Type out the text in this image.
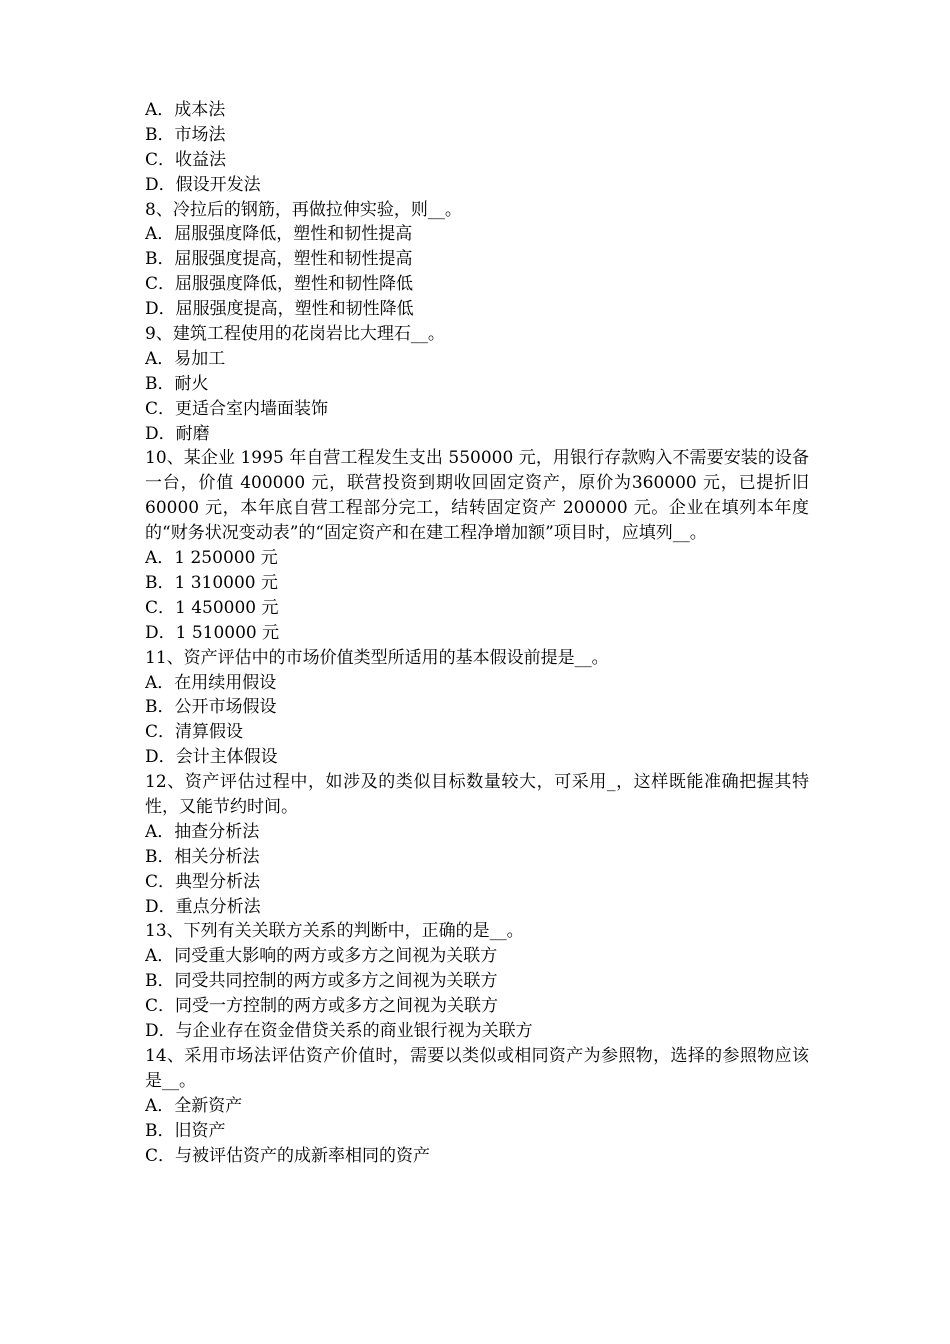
A．成本法
B．市场法
C．收益法
D．假设开发法
8、冷拉后的钢筋，再做拉伸实验，则__。
A．屈服强度降低，塑性和韧性提高
B．屈服强度提高，塑性和韧性提高
C．屈服强度降低，塑性和韧性降低
D．屈服强度提高，塑性和韧性降低
9、建筑工程使用的花岗岩比大理石__。
A．易加工
B．耐火
C．更适合室内墙面装饰
D．耐磨
10、某企业 1995 年自营工程发生支出 550000 元，用银行存款购入不需要安装的设备一台，价值 400000 元，联营投资到期收回固定资产，原价为360000 元，已提折旧 60000 元，本年底自营工程部分完工，结转固定资产 200000 元。企业在填列本年度的“财务状况变动表”的“固定资产和在建工程净增加额”项目时，应填列__。
A．1 250000 元
B．1 310000 元
C．1 450000 元
D．1 510000 元
11、资产评估中的市场价值类型所适用的基本假设前提是__。
A．在用续用假设
B．公开市场假设
C．清算假设
D．会计主体假设
12、资产评估过程中，如涉及的类似目标数量较大，可采用_，这样既能准确把握其特性，又能节约时间。
A．抽查分析法
B．相关分析法
C．典型分析法
D．重点分析法
13、下列有关关联方关系的判断中，正确的是__。
A．同受重大影响的两方或多方之间视为关联方
B．同受共同控制的两方或多方之间视为关联方
C．同受一方控制的两方或多方之间视为关联方
D．与企业存在资金借贷关系的商业银行视为关联方
14、采用市场法评估资产价值时，需要以类似或相同资产为参照物，选择的参照物应该是__。
A．全新资产
B．旧资产
C．与被评估资产的成新率相同的资产
